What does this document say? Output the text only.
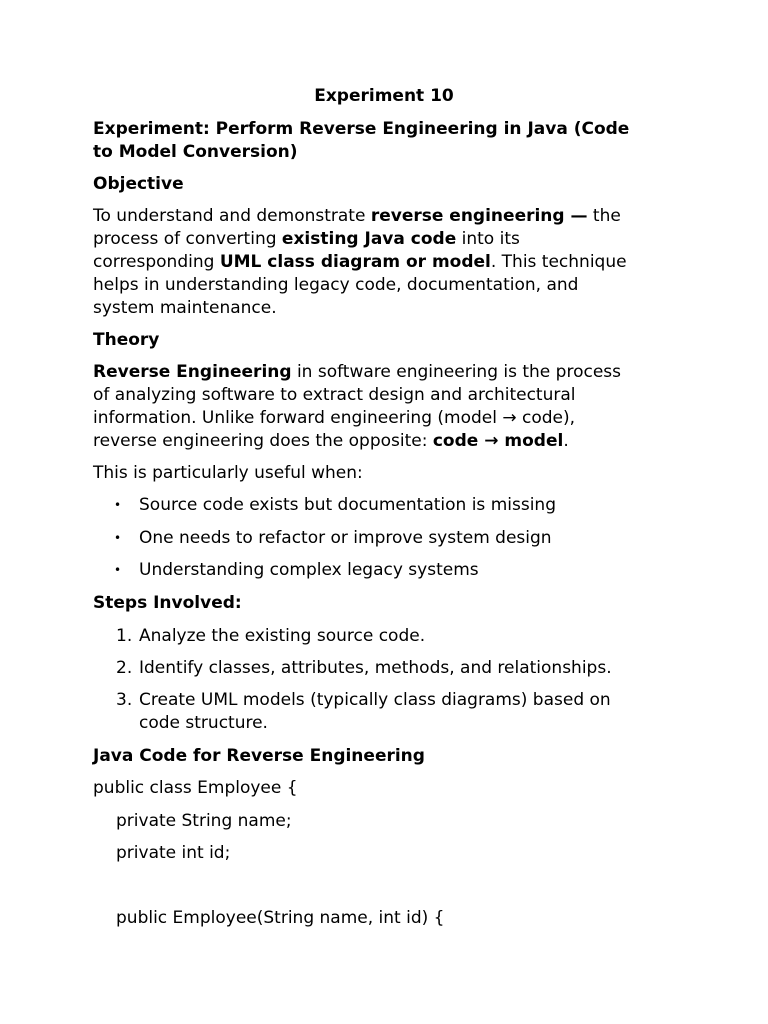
Experiment 10
Experiment: Perform Reverse Engineering in Java (Code
to Model Conversion)
Objective
To understand and demonstrate reverse engineering — the
process of converting existing Java code into its
corresponding UML class diagram or model. This technique
helps in understanding legacy code, documentation, and
system maintenance.
Theory
Reverse Engineering in software engineering is the process
of analyzing software to extract design and architectural
information. Unlike forward engineering (model → code),
reverse engineering does the opposite: code → model.
This is particularly useful when:
• Source code exists but documentation is missing
• One needs to refactor or improve system design
• Understanding complex legacy systems
Steps Involved:
1. Analyze the existing source code.
2. Identify classes, attributes, methods, and relationships.
3. Create UML models (typically class diagrams) based on
code structure.
Java Code for Reverse Engineering
public class Employee {
private String name;
private int id;
public Employee(String name, int id) {
